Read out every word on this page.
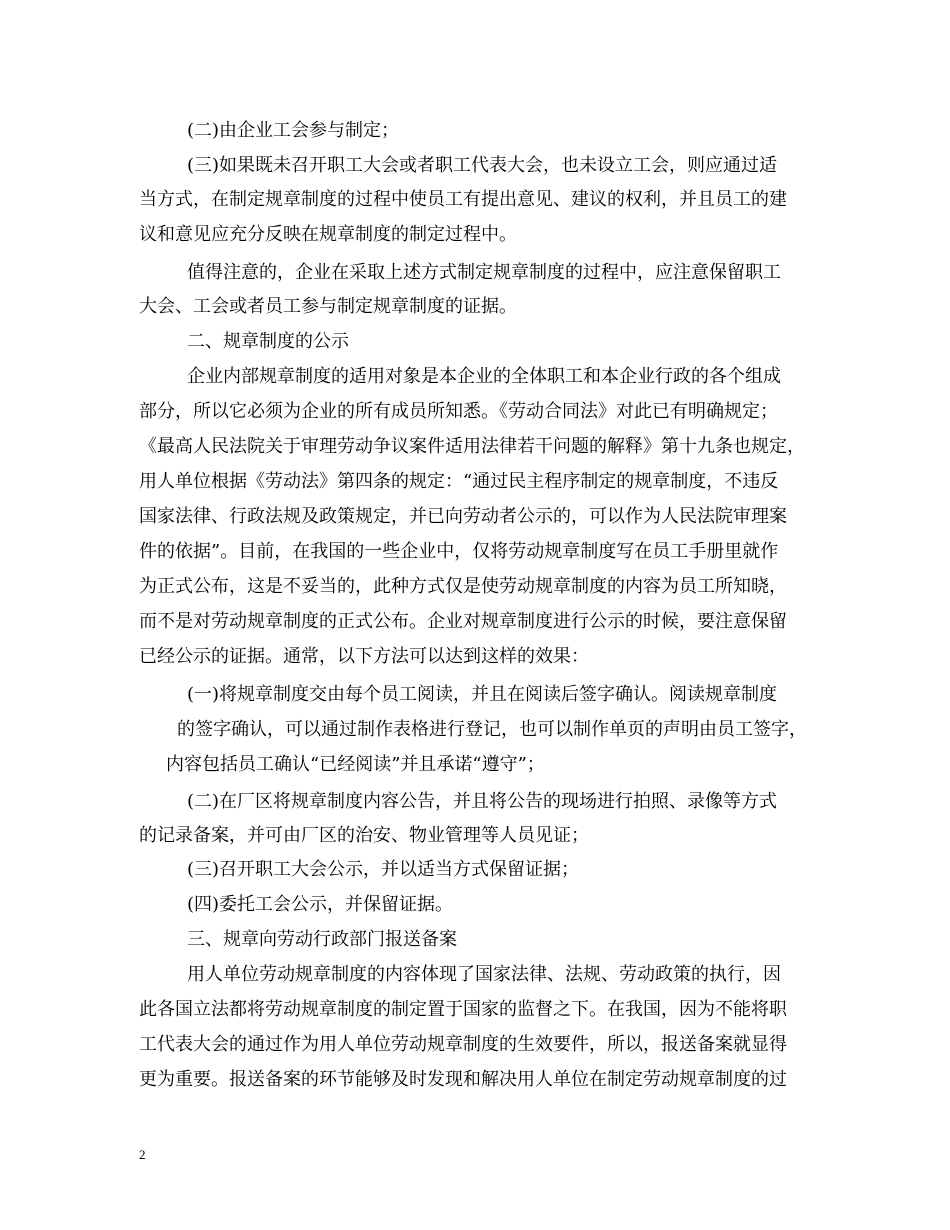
(二)由企业工会参与制定；
(三)如果既未召开职工大会或者职工代表大会，也未设立工会，则应通过适
当方式，在制定规章制度的过程中使员工有提出意见、建议的权利，并且员工的建
议和意见应充分反映在规章制度的制定过程中。
值得注意的，企业在采取上述方式制定规章制度的过程中，应注意保留职工
大会、工会或者员工参与制定规章制度的证据。
二、规章制度的公示
企业内部规章制度的适用对象是本企业的全体职工和本企业行政的各个组成
部分，所以它必须为企业的所有成员所知悉。《劳动合同法》对此已有明确规定；
《最高人民法院关于审理劳动争议案件适用法律若干问题的解释》第十九条也规定，
用人单位根据《劳动法》第四条的规定：“通过民主程序制定的规章制度，不违反
国家法律、行政法规及政策规定，并已向劳动者公示的，可以作为人民法院审理案
件的依据”。目前，在我国的一些企业中，仅将劳动规章制度写在员工手册里就作
为正式公布，这是不妥当的，此种方式仅是使劳动规章制度的内容为员工所知晓，
而不是对劳动规章制度的正式公布。企业对规章制度进行公示的时候，要注意保留
已经公示的证据。通常，以下方法可以达到这样的效果：
(一)将规章制度交由每个员工阅读，并且在阅读后签字确认。阅读规章制度
的签字确认，可以通过制作表格进行登记，也可以制作单页的声明由员工签字，
内容包括员工确认“已经阅读”并且承诺“遵守”；
(二)在厂区将规章制度内容公告，并且将公告的现场进行拍照、录像等方式
的记录备案，并可由厂区的治安、物业管理等人员见证；
(三)召开职工大会公示，并以适当方式保留证据；
(四)委托工会公示，并保留证据。
三、规章向劳动行政部门报送备案
用人单位劳动规章制度的内容体现了国家法律、法规、劳动政策的执行，因
此各国立法都将劳动规章制度的制定置于国家的监督之下。在我国，因为不能将职
工代表大会的通过作为用人单位劳动规章制度的生效要件，所以，报送备案就显得
更为重要。报送备案的环节能够及时发现和解决用人单位在制定劳动规章制度的过
2
